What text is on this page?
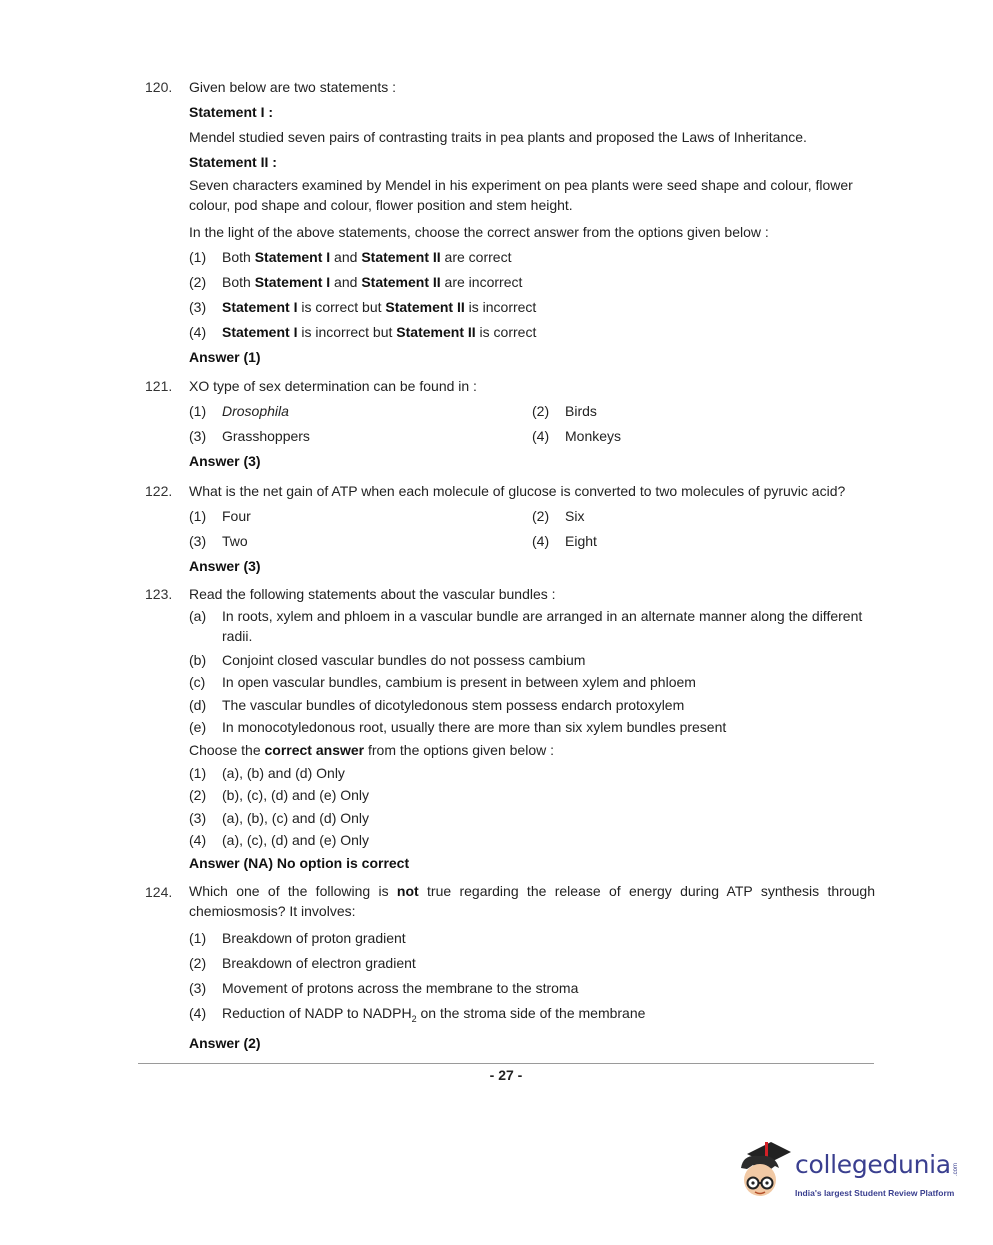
120.	Given below are two statements :
Statement I :
Mendel studied seven pairs of contrasting traits in pea plants and proposed the Laws of Inheritance.
Statement II :
Seven characters examined by Mendel in his experiment on pea plants were seed shape and colour, flower colour, pod shape and colour, flower position and stem height.
In the light of the above statements, choose the correct answer from the options given below :
(1) Both Statement I and Statement II are correct
(2) Both Statement I and Statement II are incorrect
(3) Statement I is correct but Statement II is incorrect
(4) Statement I is incorrect but Statement II is correct
Answer (1)
121.	XO type of sex determination can be found in :
(1) Drosophila	(2) Birds
(3) Grasshoppers	(4) Monkeys
Answer (3)
122.	What is the net gain of ATP when each molecule of glucose is converted to two molecules of pyruvic acid?
(1) Four	(2) Six
(3) Two	(4) Eight
Answer (3)
123.	Read the following statements about the vascular bundles :
(a) In roots, xylem and phloem in a vascular bundle are arranged in an alternate manner along the different radii.
(b) Conjoint closed vascular bundles do not possess cambium
(c) In open vascular bundles, cambium is present in between xylem and phloem
(d) The vascular bundles of dicotyledonous stem possess endarch protoxylem
(e) In monocotyledonous root, usually there are more than six xylem bundles present
Choose the correct answer from the options given below :
(1) (a), (b) and (d) Only
(2) (b), (c), (d) and (e) Only
(3) (a), (b), (c) and (d) Only
(4) (a), (c), (d) and (e) Only
Answer (NA) No option is correct
124.	Which one of the following is not true regarding the release of energy during ATP synthesis through chemiosmosis? It involves:
(1) Breakdown of proton gradient
(2) Breakdown of electron gradient
(3) Movement of protons across the membrane to the stroma
(4) Reduction of NADP to $NADPH_2$ on the stroma side of the membrane
Answer (2)
- 27 -
collegedunia .com
India's largest Student Review Platform
